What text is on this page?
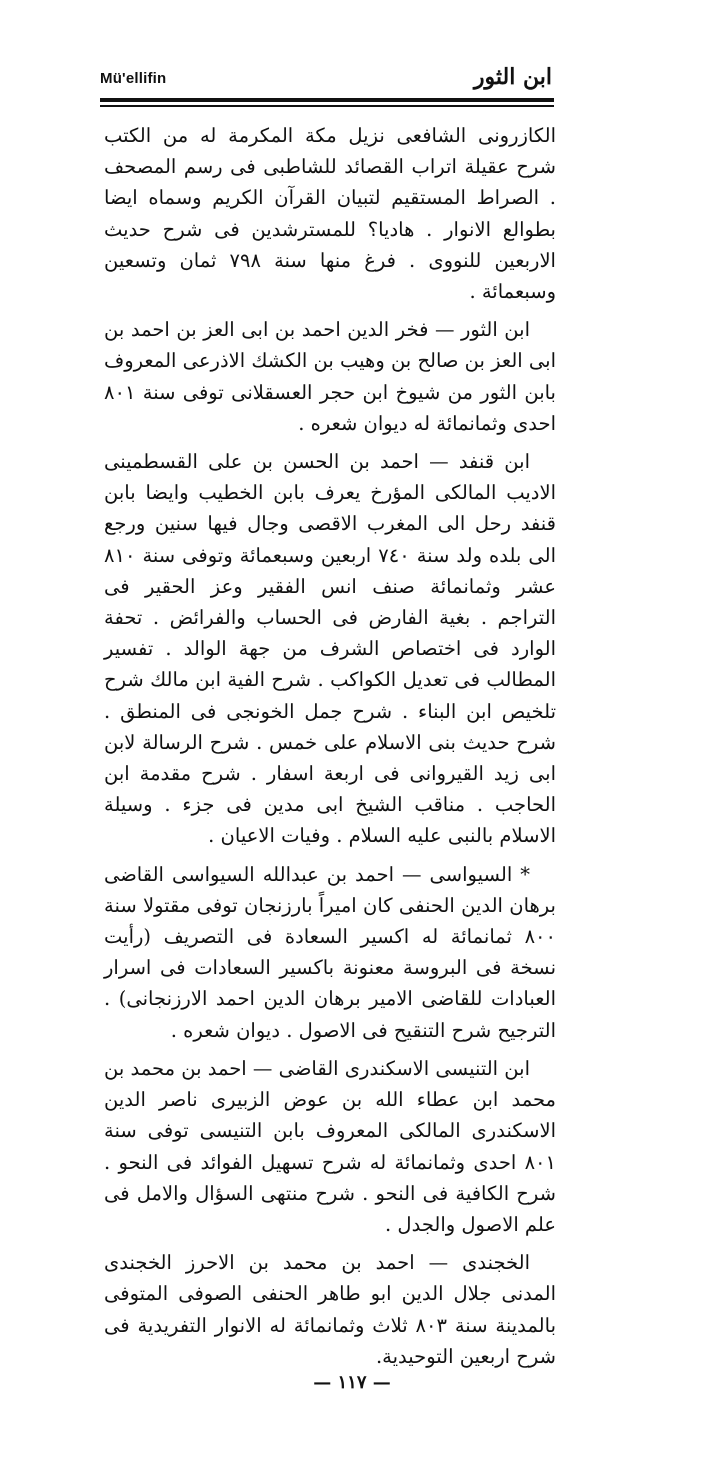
Mü'ellifin	ابن الثور

الكازرونى الشافعى نزيل مكة المكرمة له من الكتب شرح عقيلة اتراب القصائد للشاطبى فى رسم المصحف . الصراط المستقيم لتبيان القرآن الكريم وسماه ايضا بطوالع الانوار . هاديا؟ للمسترشدين فى شرح حديث الاربعين للنووى . فرغ منها سنة ٧٩٨ ثمان وتسعين وسبعمائة .

ابن الثور — فخر الدين احمد بن ابى العز بن احمد بن ابى العز بن صالح بن وهيب بن الكشك الاذرعى المعروف بابن الثور من شيوخ ابن حجر العسقلانى توفى سنة ٨٠١ احدى وثمانمائة له ديوان شعره .

ابن قنفد — احمد بن الحسن بن على القسطمينى الاديب المالكى المؤرخ يعرف بابن الخطيب وايضا بابن قنفد رحل الى المغرب الاقصى وجال فيها سنين ورجع الى بلده ولد سنة ٧٤٠ اربعين وسبعمائة وتوفى سنة ٨١٠ عشر وثمانمائة صنف انس الفقير وعز الحقير فى التراجم . بغية الفارض فى الحساب والفرائض . تحفة الوارد فى اختصاص الشرف من جهة الوالد . تفسير المطالب فى تعديل الكواكب . شرح الفية ابن مالك شرح تلخيص ابن البناء . شرح جمل الخونجى فى المنطق . شرح حديث بنى الاسلام على خمس . شرح الرسالة لابن ابى زيد القيروانى فى اربعة اسفار . شرح مقدمة ابن الحاجب . مناقب الشيخ ابى مدين فى جزء . وسيلة الاسلام بالنبى عليه السلام . وفيات الاعيان .

* السيواسى — احمد بن عبدالله السيواسى القاضى برهان الدين الحنفى كان اميراً بارزنجان توفى مقتولا سنة ٨٠٠ ثمانمائة له اكسير السعادة فى التصريف (رأيت نسخة فى البروسة معنونة باكسير السعادات فى اسرار العبادات للقاضى الامير برهان الدين احمد الارزنجانى) . الترجيح شرح التنقيح فى الاصول . ديوان شعره .

ابن التنيسى الاسكندرى القاضى — احمد بن محمد بن محمد ابن عطاء الله بن عوض الزبيرى ناصر الدين الاسكندرى المالكى المعروف بابن التنيسى توفى سنة ٨٠١ احدى وثمانمائة له شرح تسهيل الفوائد فى النحو . شرح الكافية فى النحو . شرح منتهى السؤال والامل فى علم الاصول والجدل .

الخجندى — احمد بن محمد بن الاحرز الخجندى المدنى جلال الدين ابو طاهر الحنفى الصوفى المتوفى بالمدينة سنة ٨٠٣ ثلاث وثمانمائة له الانوار التفريدية فى شرح اربعين التوحيدية.

— ١١٧ —
